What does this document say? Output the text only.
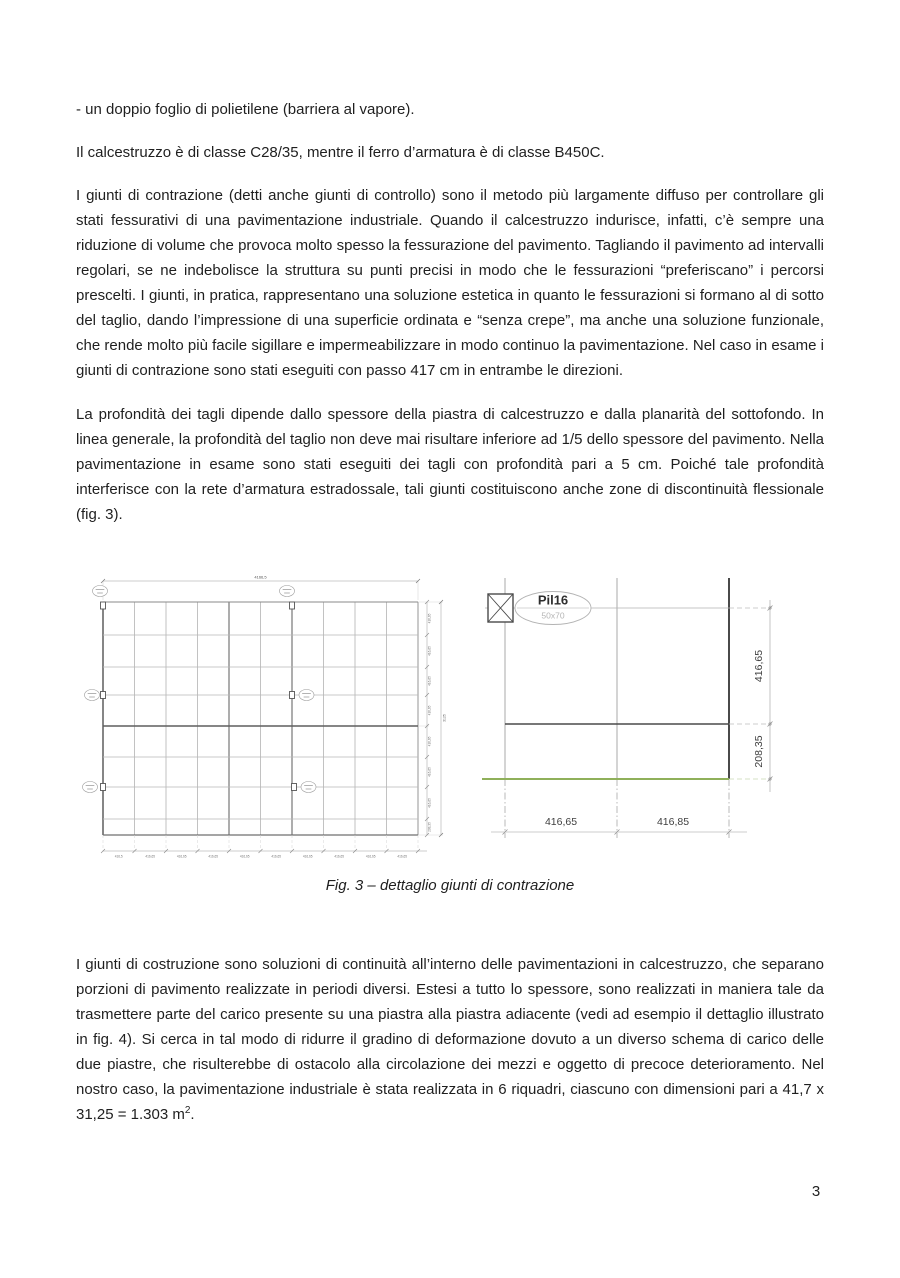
- un doppio foglio di polietilene (barriera al vapore).

Il calcestruzzo è di classe C28/35, mentre il ferro d’armatura è di classe B450C.

I giunti di contrazione (detti anche giunti di controllo) sono il metodo più largamente diffuso per controllare gli stati fessurativi di una pavimentazione industriale. Quando il calcestruzzo indurisce, infatti, c’è sempre una riduzione di volume che provoca molto spesso la fessurazione del pavimento. Tagliando il pavimento ad intervalli regolari, se ne indebolisce la struttura su punti precisi in modo che le fessurazioni “preferiscano” i percorsi prescelti. I giunti, in pratica, rappresentano una soluzione estetica in quanto le fessurazioni si formano al di sotto del taglio, dando l’impressione di una superficie ordinata e “senza crepe”, ma anche una soluzione funzionale, che rende molto più facile sigillare e impermeabilizzare in modo continuo la pavimentazione. Nel caso in esame i giunti di contrazione sono stati eseguiti con passo 417 cm in entrambe le direzioni.

La profondità dei tagli dipende dallo spessore della piastra di calcestruzzo e dalla planarità del sottofondo. In linea generale, la profondità del taglio non deve mai risultare inferiore ad 1/5 dello spessore del pavimento. Nella pavimentazione in esame sono stati eseguiti dei tagli con profondità pari a 5 cm. Poiché tale profondità interferisce con la rete d’armatura estradossale, tali giunti costituiscono anche zone di discontinuità flessionale (fig. 3).

4166,5
416,65
416,65
416,65
416,65
416,65
416,65
416,65
208,35
3125
416,5	416,65	416,65	416,65	416,65	416,65	416,65	416,65	416,65	416,65
Pil16
50x70
416,65
208,35
416,65	416,85

Fig. 3 – dettaglio giunti di contrazione

I giunti di costruzione sono soluzioni di continuità all’interno delle pavimentazioni in calcestruzzo, che separano porzioni di pavimento realizzate in periodi diversi. Estesi a tutto lo spessore, sono realizzati in maniera tale da trasmettere parte del carico presente su una piastra alla piastra adiacente (vedi ad esempio il dettaglio illustrato in fig. 4). Si cerca in tal modo di ridurre il gradino di deformazione dovuto a un diverso schema di carico delle due piastre, che risulterebbe di ostacolo alla circolazione dei mezzi e oggetto di precoce deterioramento. Nel nostro caso, la pavimentazione industriale è stata realizzata in 6 riquadri, ciascuno con dimensioni pari a 41,7 x 31,25 = 1.303 $m^2$.

3
